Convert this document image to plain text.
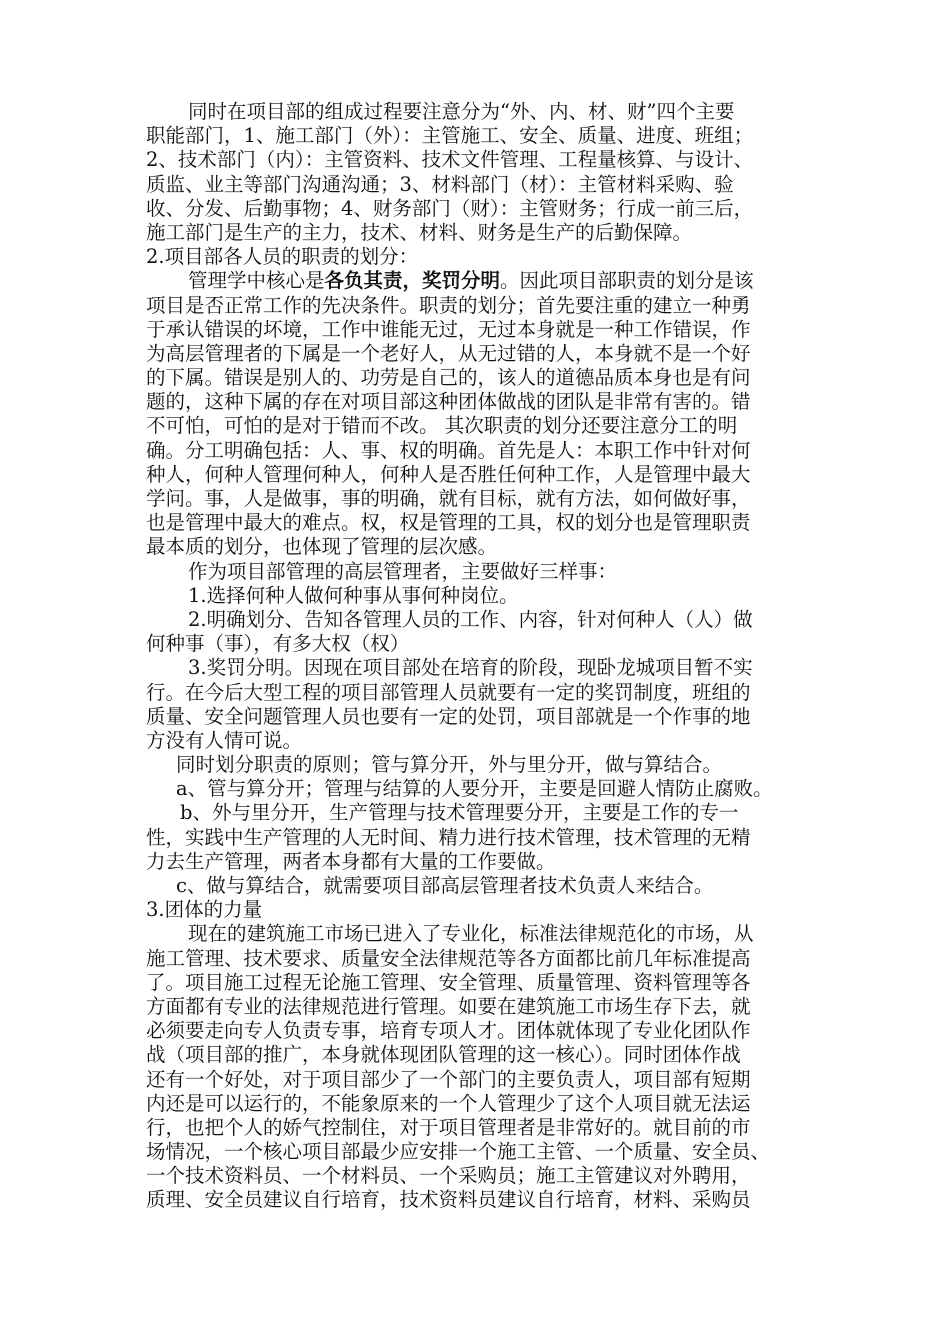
同时在项目部的组成过程要注意分为“外、内、材、财”四个主要
职能部门，1、施工部门（外）：主管施工、安全、质量、进度、班组；
2、技术部门（内）：主管资料、技术文件管理、工程量核算、与设计、
质监、业主等部门沟通沟通；3、材料部门（材）：主管材料采购、验
收、分发、后勤事物；4、财务部门（财）：主管财务；行成一前三后，
施工部门是生产的主力，技术、材料、财务是生产的后勤保障。
2.项目部各人员的职责的划分：
管理学中核心是各负其责，奖罚分明。因此项目部职责的划分是该
项目是否正常工作的先决条件。职责的划分；首先要注重的建立一种勇
于承认错误的坏境，工作中谁能无过，无过本身就是一种工作错误，作
为高层管理者的下属是一个老好人，从无过错的人，本身就不是一个好
的下属。错误是别人的、功劳是自己的，该人的道德品质本身也是有问
题的，这种下属的存在对项目部这种团体做战的团队是非常有害的。错
不可怕，可怕的是对于错而不改。 其次职责的划分还要注意分工的明
确。分工明确包括：人、事、权的明确。首先是人：本职工作中针对何
种人，何种人管理何种人，何种人是否胜任何种工作，人是管理中最大
学问。事，人是做事，事的明确，就有目标，就有方法，如何做好事，
也是管理中最大的难点。权，权是管理的工具，权的划分也是管理职责
最本质的划分，也体现了管理的层次感。
作为项目部管理的高层管理者，主要做好三样事：
1.选择何种人做何种事从事何种岗位。
2.明确划分、告知各管理人员的工作、内容，针对何种人（人）做
何种事（事），有多大权（权）
3.奖罚分明。因现在项目部处在培育的阶段，现卧龙城项目暂不实
行。在今后大型工程的项目部管理人员就要有一定的奖罚制度，班组的
质量、安全问题管理人员也要有一定的处罚，项目部就是一个作事的地
方没有人情可说。
同时划分职责的原则；管与算分开，外与里分开，做与算结合。
a、管与算分开；管理与结算的人要分开，主要是回避人情防止腐败。
b、外与里分开，生产管理与技术管理要分开，主要是工作的专一
性，实践中生产管理的人无时间、精力进行技术管理，技术管理的无精
力去生产管理，两者本身都有大量的工作要做。
c、做与算结合，就需要项目部高层管理者技术负责人来结合。
3.团体的力量
现在的建筑施工市场已进入了专业化，标准法律规范化的市场，从
施工管理、技术要求、质量安全法律规范等各方面都比前几年标准提高
了。项目施工过程无论施工管理、安全管理、质量管理、资料管理等各
方面都有专业的法律规范进行管理。如要在建筑施工市场生存下去，就
必须要走向专人负责专事，培育专项人才。团体就体现了专业化团队作
战（项目部的推广，本身就体现团队管理的这一核心）。同时团体作战
还有一个好处，对于项目部少了一个部门的主要负责人，项目部有短期
内还是可以运行的，不能象原来的一个人管理少了这个人项目就无法运
行，也把个人的娇气控制住，对于项目管理者是非常好的。就目前的市
场情况，一个核心项目部最少应安排一个施工主管、一个质量、安全员、
一个技术资料员、一个材料员、一个采购员；施工主管建议对外聘用，
质理、安全员建议自行培育，技术资料员建议自行培育，材料、采购员
